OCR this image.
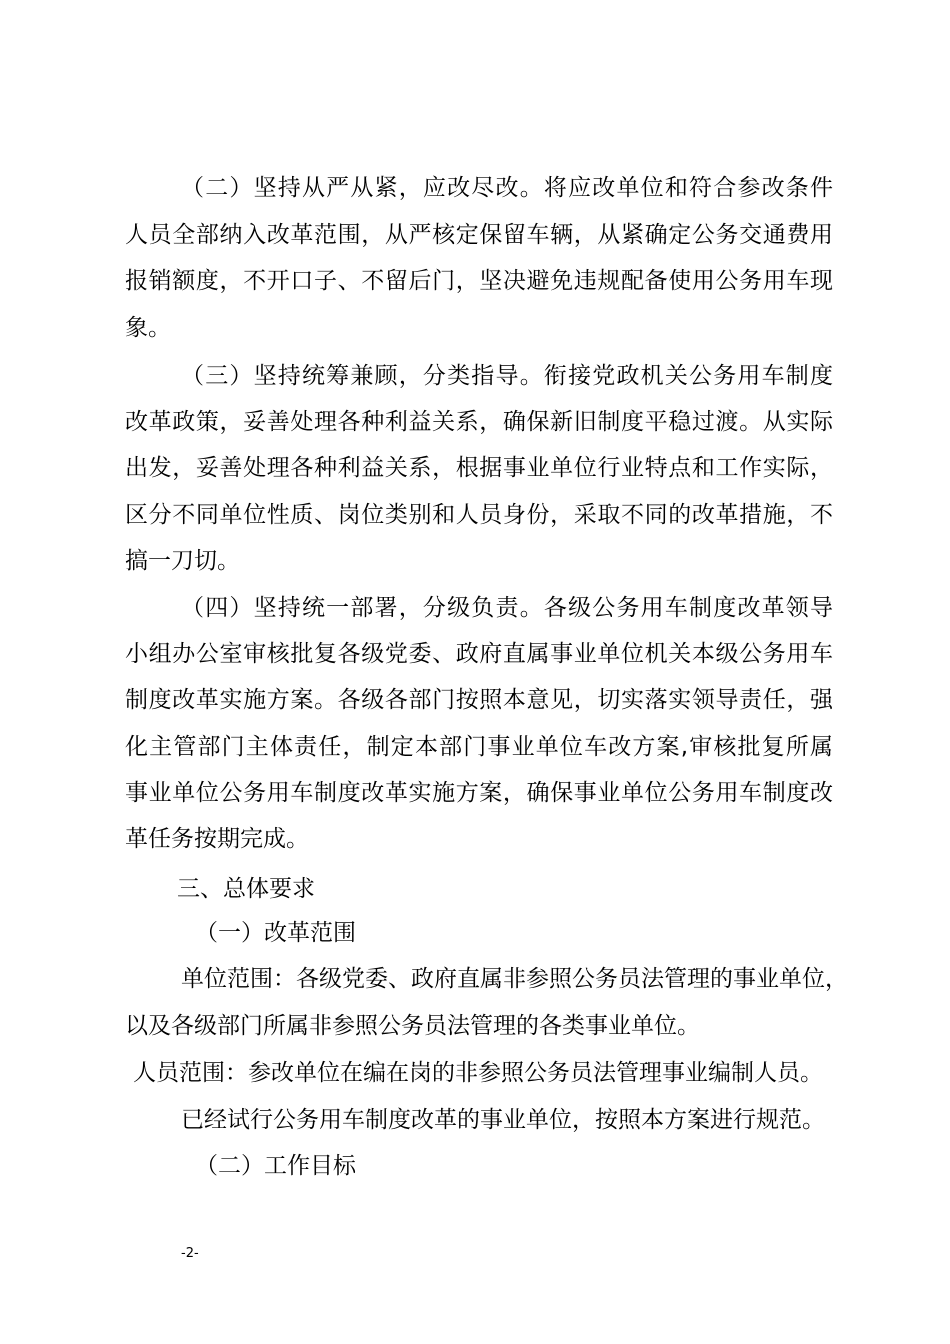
（二）坚持从严从紧，应改尽改。将应改单位和符合参改条件
人员全部纳入改革范围，从严核定保留车辆，从紧确定公务交通费用
报销额度，不开口子、不留后门，坚决避免违规配备使用公务用车现
象。
（三）坚持统筹兼顾，分类指导。衔接党政机关公务用车制度
改革政策，妥善处理各种利益关系，确保新旧制度平稳过渡。从实际
出发，妥善处理各种利益关系，根据事业单位行业特点和工作实际，
区分不同单位性质、岗位类别和人员身份，采取不同的改革措施，不
搞一刀切。
（四）坚持统一部署，分级负责。各级公务用车制度改革领导
小组办公室审核批复各级党委、政府直属事业单位机关本级公务用车
制度改革实施方案。各级各部门按照本意见，切实落实领导责任，强
化主管部门主体责任，制定本部门事业单位车改方案,审核批复所属
事业单位公务用车制度改革实施方案，确保事业单位公务用车制度改
革任务按期完成。
三、总体要求
（一）改革范围
单位范围：各级党委、政府直属非参照公务员法管理的事业单位，
以及各级部门所属非参照公务员法管理的各类事业单位。
人员范围：参改单位在编在岗的非参照公务员法管理事业编制人员。
已经试行公务用车制度改革的事业单位，按照本方案进行规范。
（二）工作目标
-2-
